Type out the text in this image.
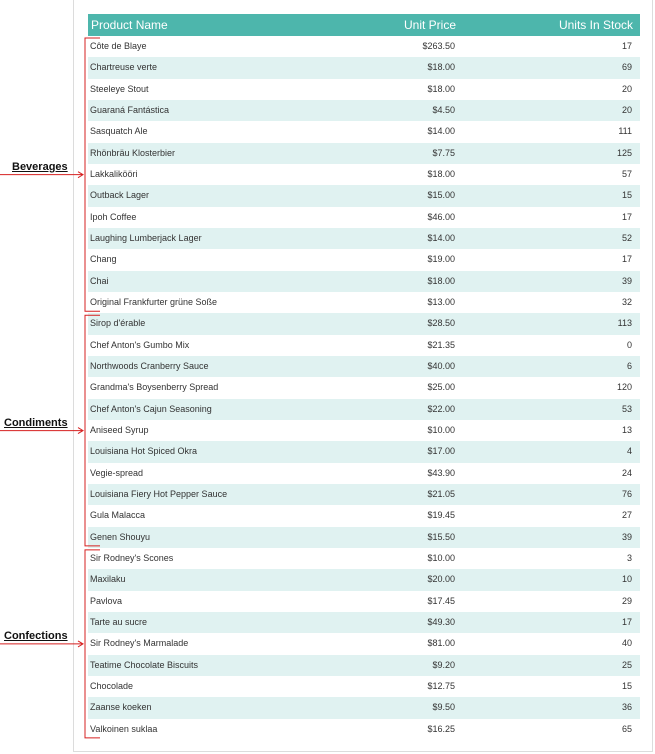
Product Name	Unit Price	Units In Stock
Côte de Blaye	$263.50	17
Chartreuse verte	$18.00	69
Steeleye Stout	$18.00	20
Guaraná Fantástica	$4.50	20
Sasquatch Ale	$14.00	111
Rhönbräu Klosterbier	$7.75	125
Lakkalikööri	$18.00	57
Outback Lager	$15.00	15
Ipoh Coffee	$46.00	17
Laughing Lumberjack Lager	$14.00	52
Chang	$19.00	17
Chai	$18.00	39
Original Frankfurter grüne Soße	$13.00	32
Sirop d'érable	$28.50	113
Chef Anton's Gumbo Mix	$21.35	0
Northwoods Cranberry Sauce	$40.00	6
Grandma's Boysenberry Spread	$25.00	120
Chef Anton's Cajun Seasoning	$22.00	53
Aniseed Syrup	$10.00	13
Louisiana Hot Spiced Okra	$17.00	4
Vegie-spread	$43.90	24
Louisiana Fiery Hot Pepper Sauce	$21.05	76
Gula Malacca	$19.45	27
Genen Shouyu	$15.50	39
Sir Rodney's Scones	$10.00	3
Maxilaku	$20.00	10
Pavlova	$17.45	29
Tarte au sucre	$49.30	17
Sir Rodney's Marmalade	$81.00	40
Teatime Chocolate Biscuits	$9.20	25
Chocolade	$12.75	15
Zaanse koeken	$9.50	36
Valkoinen suklaa	$16.25	65
Beverages
Condiments
Confections
